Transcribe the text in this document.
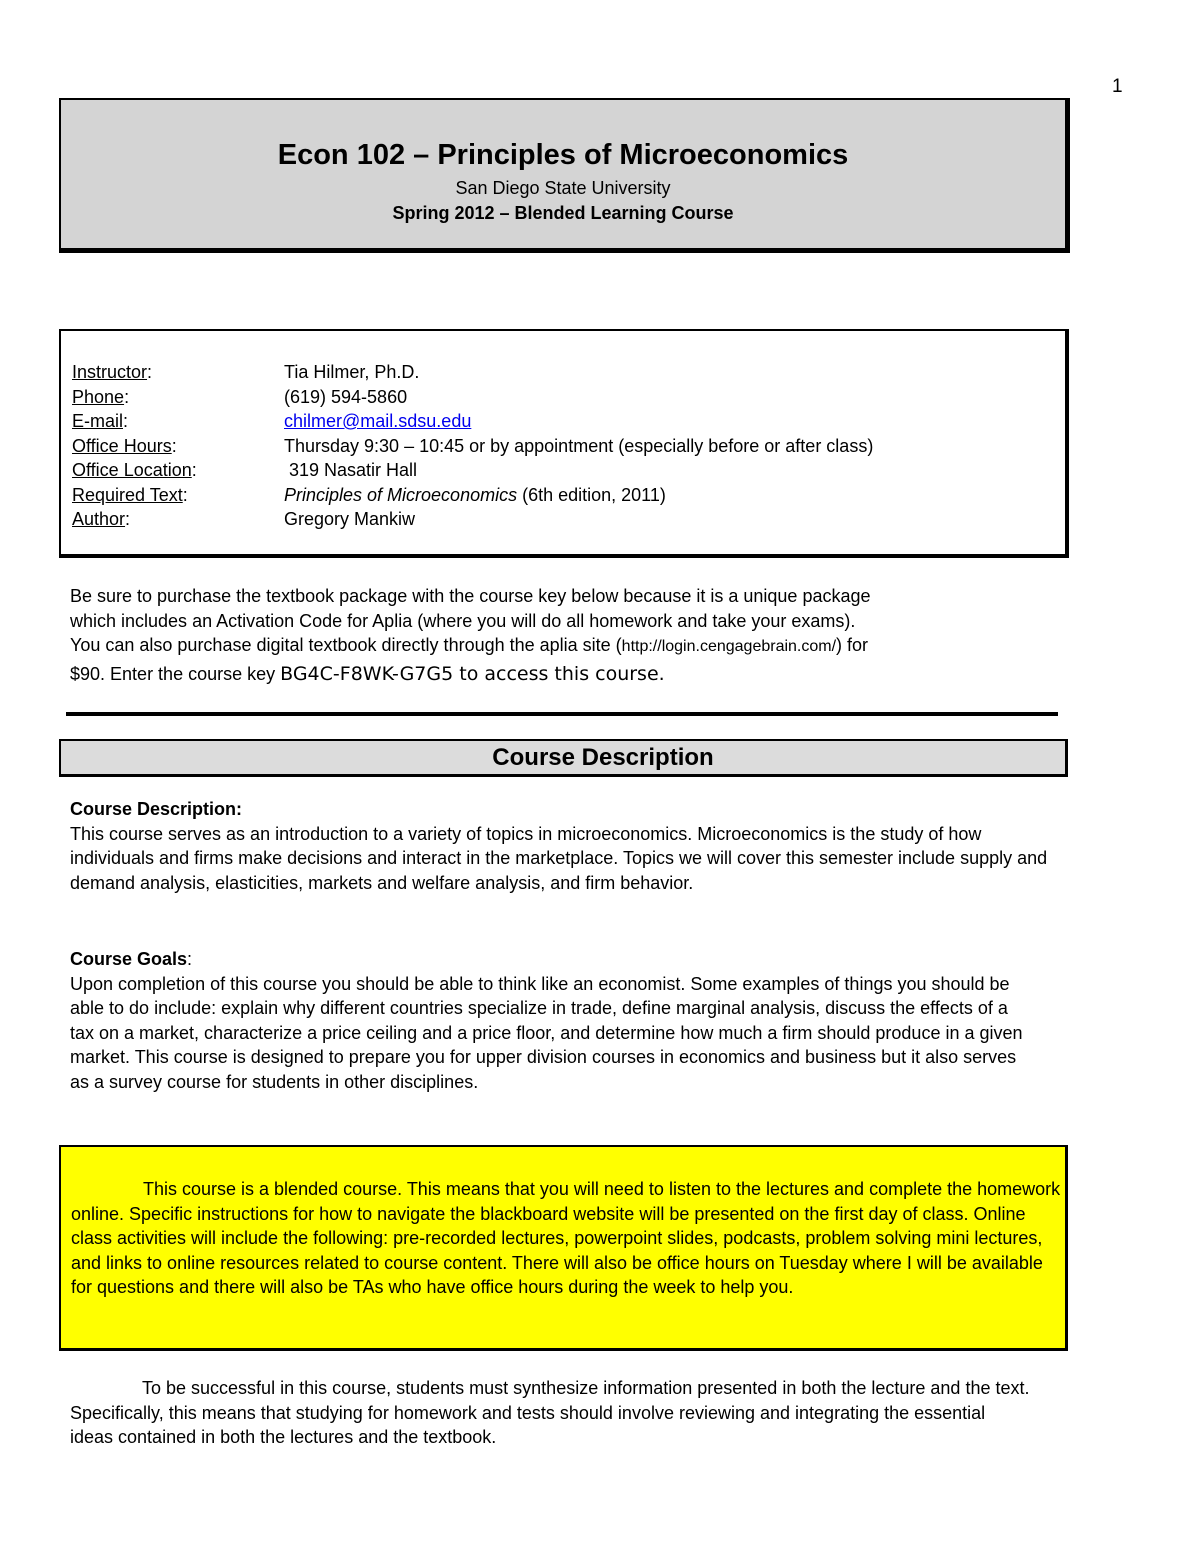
1
Econ 102 – Principles of Microeconomics
San Diego State University
Spring 2012 – Blended Learning Course
Instructor:	Tia Hilmer, Ph.D.
Phone:	(619) 594-5860
E-mail:	chilmer@mail.sdsu.edu
Office Hours:	Thursday 9:30 – 10:45 or by appointment (especially before or after class)
Office Location:	319 Nasatir Hall
Required Text:	Principles of Microeconomics (6th edition, 2011)
Author:	Gregory Mankiw
Be sure to purchase the textbook package with the course key below because it is a unique package
which includes an Activation Code for Aplia (where you will do all homework and take your exams).
You can also purchase digital textbook directly through the aplia site (http://login.cengagebrain.com/) for
$90. Enter the course key BG4C-F8WK-G7G5 to access this course.
Course Description
Course Description:
This course serves as an introduction to a variety of topics in microeconomics. Microeconomics is the study of how individuals and firms make decisions and interact in the marketplace. Topics we will cover this semester include supply and demand analysis, elasticities, markets and welfare analysis, and firm behavior.
Course Goals:
Upon completion of this course you should be able to think like an economist. Some examples of things you should be able to do include: explain why different countries specialize in trade, define marginal analysis, discuss the effects of a tax on a market, characterize a price ceiling and a price floor, and determine how much a firm should produce in a given market. This course is designed to prepare you for upper division courses in economics and business but it also serves as a survey course for students in other disciplines.
This course is a blended course. This means that you will need to listen to the lectures and complete the homework online. Specific instructions for how to navigate the blackboard website will be presented on the first day of class. Online class activities will include the following: pre-recorded lectures, powerpoint slides, podcasts, problem solving mini lectures, and links to online resources related to course content. There will also be office hours on Tuesday where I will be available for questions and there will also be TAs who have office hours during the week to help you.
To be successful in this course, students must synthesize information presented in both the lecture and the text. Specifically, this means that studying for homework and tests should involve reviewing and integrating the essential ideas contained in both the lectures and the textbook.
